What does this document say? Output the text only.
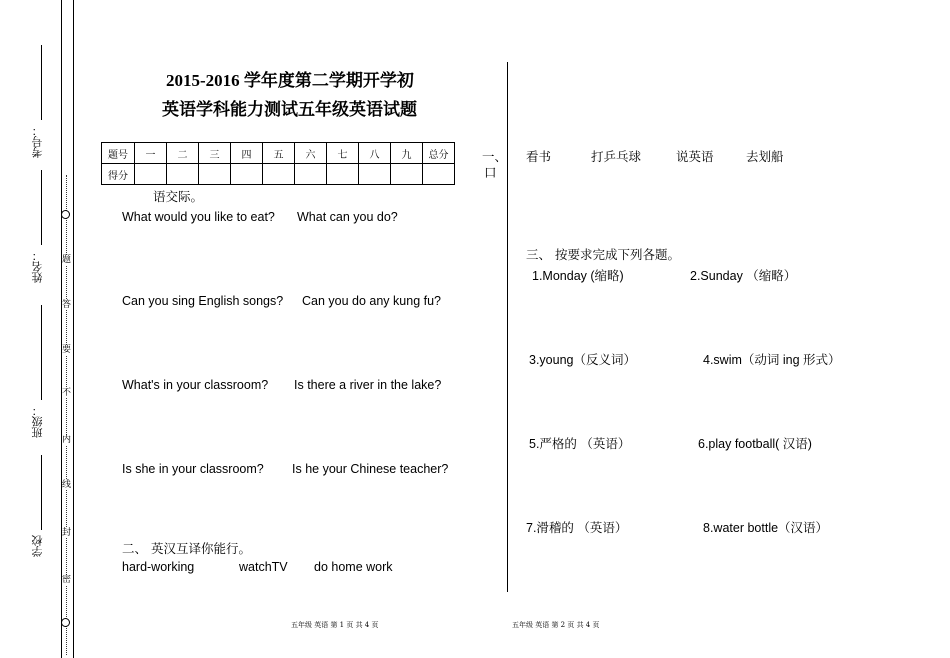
题
答
要
不
内
线
封
密
考号：
姓名：
班级：
学校
2015-2016 学年度第二学期开学初
英语学科能力测试五年级英语试题
题号	一	二	三	四	五	六	七	八	九	总分
得分										
语交际。
What would you like to eat? What can you do?
Can you sing English songs? Can you do any kung fu?
What's in your classroom? Is there a river in the lake?
Is she in your classroom? Is he your Chinese teacher?
二、 英汉互译你能行。
hard-working	watchTV do home work
一、
口
看书	打乒乓球	说英语	去划船
三、 按要求完成下列各题。
1.Monday (缩略)	2.Sunday （缩略）
3.young（反义词）	4.swim（动词 ing 形式）
5.严格的 （英语）	6.play football( 汉语)
7.滑稽的 （英语）	8.water bottle（汉语）
五年级 英语 第 1 页 共 4 页	五年级 英语 第 2 页 共 4 页
